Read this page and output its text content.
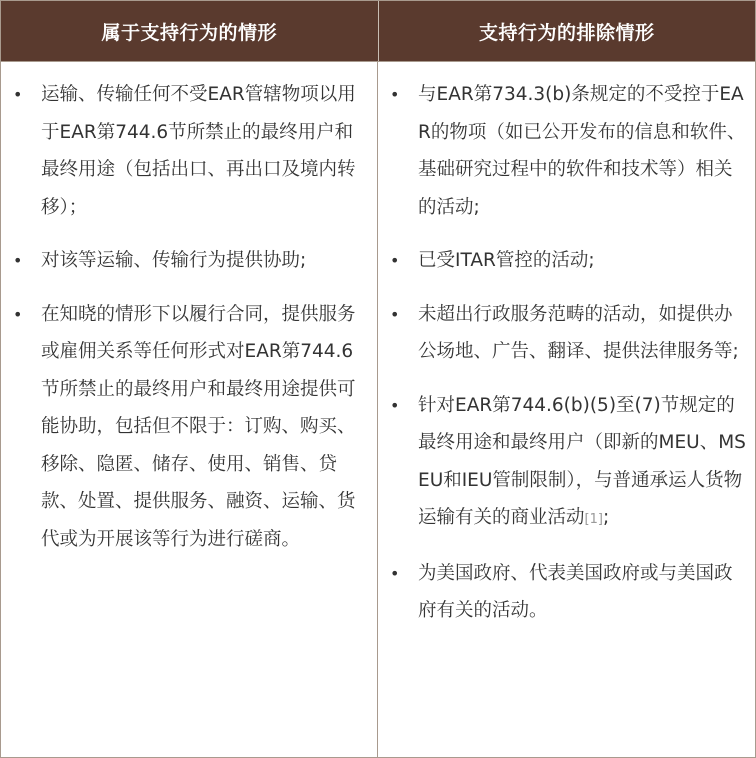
属于支持行为的情形	支持行为的排除情形
• 运输、传输任何不受EAR管辖物项以用于EAR第744.6节所禁止的最终用户和最终用途（包括出口、再出口及境内转移）；
• 对该等运输、传输行为提供协助;
• 在知晓的情形下以履行合同，提供服务或雇佣关系等任何形式对EAR第744.6节所禁止的最终用户和最终用途提供可能协助，包括但不限于：订购、购买、移除、隐匿、储存、使用、销售、贷款、处置、提供服务、融资、运输、货代或为开展该等行为进行磋商。
• 与EAR第734.3(b)条规定的不受控于EAR的物项（如已公开发布的信息和软件、基础研究过程中的软件和技术等）相关的活动;
• 已受ITAR管控的活动;
• 未超出行政服务范畴的活动，如提供办公场地、广告、翻译、提供法律服务等;
• 针对EAR第744.6(b)(5)至(7)节规定的最终用途和最终用户（即新的MEU、MSEU和IEU管制限制），与普通承运人货物运输有关的商业活动[1];
• 为美国政府、代表美国政府或与美国政府有关的活动。
